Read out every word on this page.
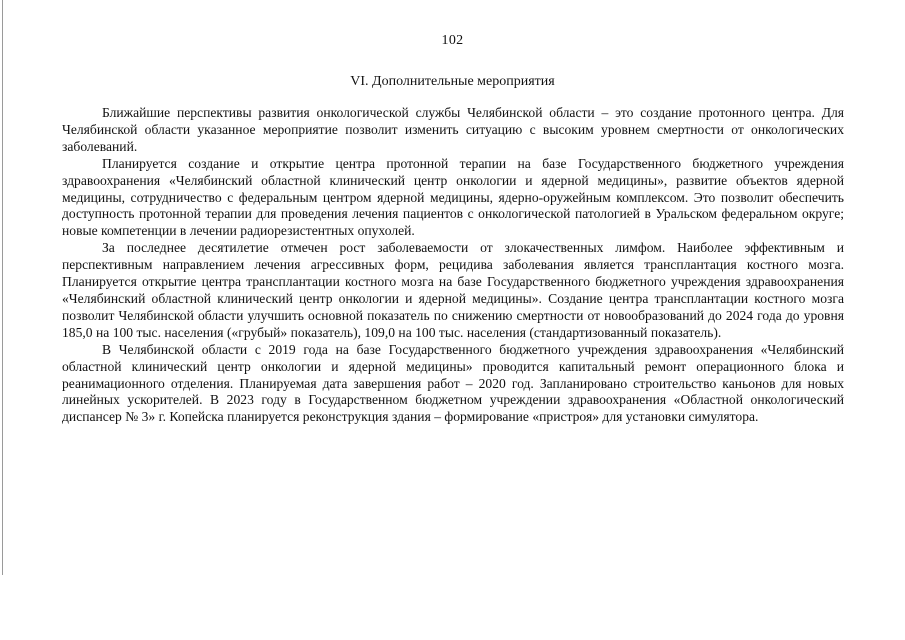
102
VI. Дополнительные мероприятия

Ближайшие перспективы развития онкологической службы Челябинской области – это создание протонного центра. Для Челябинской области указанное мероприятие позволит изменить ситуацию с высоким уровнем смертности от онкологических заболеваний.

Планируется создание и открытие центра протонной терапии на базе Государственного бюджетного учреждения здравоохранения «Челябинский областной клинический центр онкологии и ядерной медицины», развитие объектов ядерной медицины, сотрудничество с федеральным центром ядерной медицины, ядерно-оружейным комплексом. Это позволит обеспечить доступность протонной терапии для проведения лечения пациентов с онкологической патологией в Уральском федеральном округе; новые компетенции в лечении радиорезистентных опухолей.

За последнее десятилетие отмечен рост заболеваемости от злокачественных лимфом. Наиболее эффективным и перспективным направлением лечения агрессивных форм, рецидива заболевания является трансплантация костного мозга. Планируется открытие центра трансплантации костного мозга на базе Государственного бюджетного учреждения здравоохранения «Челябинский областной клинический центр онкологии и ядерной медицины». Создание центра трансплантации костного мозга позволит Челябинской области улучшить основной показатель по снижению смертности от новообразований до 2024 года до уровня 185,0 на 100 тыс. населения («грубый» показатель), 109,0 на 100 тыс. населения (стандартизованный показатель).

В Челябинской области с 2019 года на базе Государственного бюджетного учреждения здравоохранения «Челябинский областной клинический центр онкологии и ядерной медицины» проводится капитальный ремонт операционного блока и реанимационного отделения. Планируемая дата завершения работ – 2020 год. Запланировано строительство каньонов для новых линейных ускорителей. В 2023 году в Государственном бюджетном учреждении здравоохранения «Областной онкологический диспансер № 3» г. Копейска планируется реконструкция здания – формирование «пристроя» для установки симулятора.
